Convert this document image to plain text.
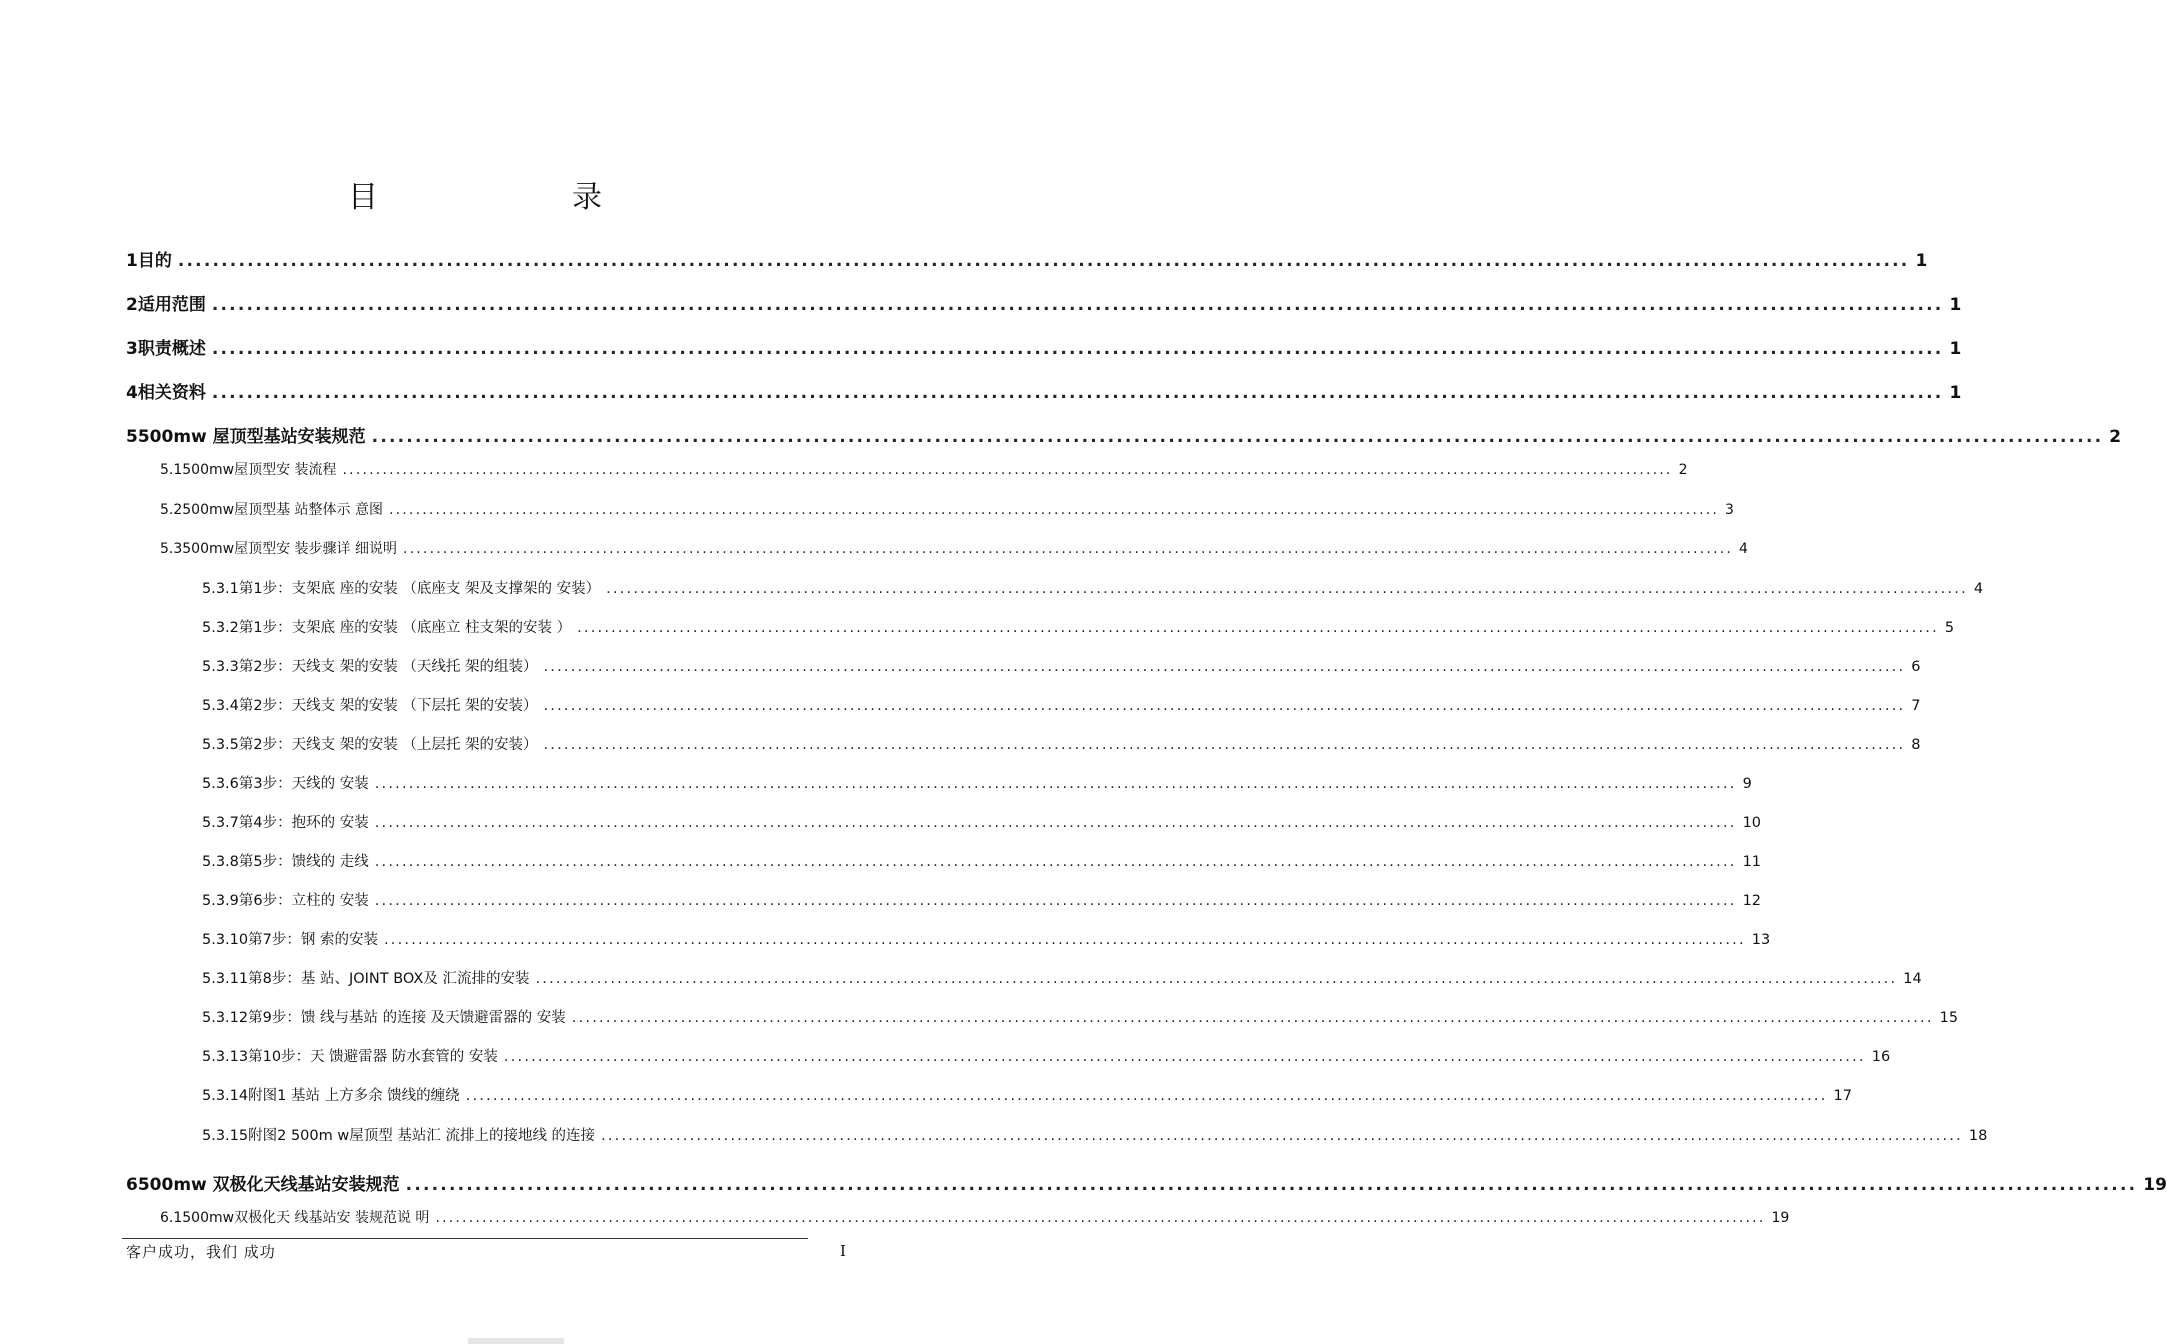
目　录
1 目的 ........................................................................................................................................................................................................ 1
2 适用范围 ........................................................................................................................................................................................................ 1
3 职责概述 ........................................................................................................................................................................................................ 1
4 相关资料 ........................................................................................................................................................................................................ 1
5 500mw 屋顶型基站安装规范 ........................................................................................................................................................................................................ 2
5.1 500mw屋顶型安 装流程 ........................................................................................................................................................................................................ 2
5.2 500mw屋顶型基 站整体示 意图 ........................................................................................................................................................................................................ 3
5.3 500mw屋顶型安 装步骤详 细说明 ........................................................................................................................................................................................................ 4
5.3.1 第1步：支架底 座的安装 （底座支 架及支撑架的 安装） ........................................................................................................................................................................................................ 4
5.3.2 第1步：支架底 座的安装 （底座立 柱支架的安装 ） ........................................................................................................................................................................................................ 5
5.3.3 第2步：天线支 架的安装 （天线托 架的组装） ........................................................................................................................................................................................................ 6
5.3.4 第2步：天线支 架的安装 （下层托 架的安装） ........................................................................................................................................................................................................ 7
5.3.5 第2步：天线支 架的安装 （上层托 架的安装） ........................................................................................................................................................................................................ 8
5.3.6 第3步：天线的 安装 ........................................................................................................................................................................................................ 9
5.3.7 第4步：抱环的 安装 ........................................................................................................................................................................................................ 10
5.3.8 第5步：馈线的 走线 ........................................................................................................................................................................................................ 11
5.3.9 第6步：立柱的 安装 ........................................................................................................................................................................................................ 12
5.3.10 第7步：钢 索的安装 ........................................................................................................................................................................................................ 13
5.3.11 第8步：基 站、JOINT BOX及 汇流排的安装 ........................................................................................................................................................................................................ 14
5.3.12 第9步：馈 线与基站 的连接 及天馈避雷器的 安装 ........................................................................................................................................................................................................ 15
5.3.13 第10步：天 馈避雷器 防水套管的 安装 ........................................................................................................................................................................................................ 16
5.3.14 附图1 基站 上方多余 馈线的缠绕 ........................................................................................................................................................................................................ 17
5.3.15 附图2 500m w屋顶型 基站汇 流排上的接地线 的连接 ........................................................................................................................................................................................................ 18
6 500mw 双极化天线基站安装规范 ........................................................................................................................................................................................................ 19
6.1 500mw双极化天 线基站安 装规范说 明 ........................................................................................................................................................................................................ 19
客户成功，我们 成功	I
